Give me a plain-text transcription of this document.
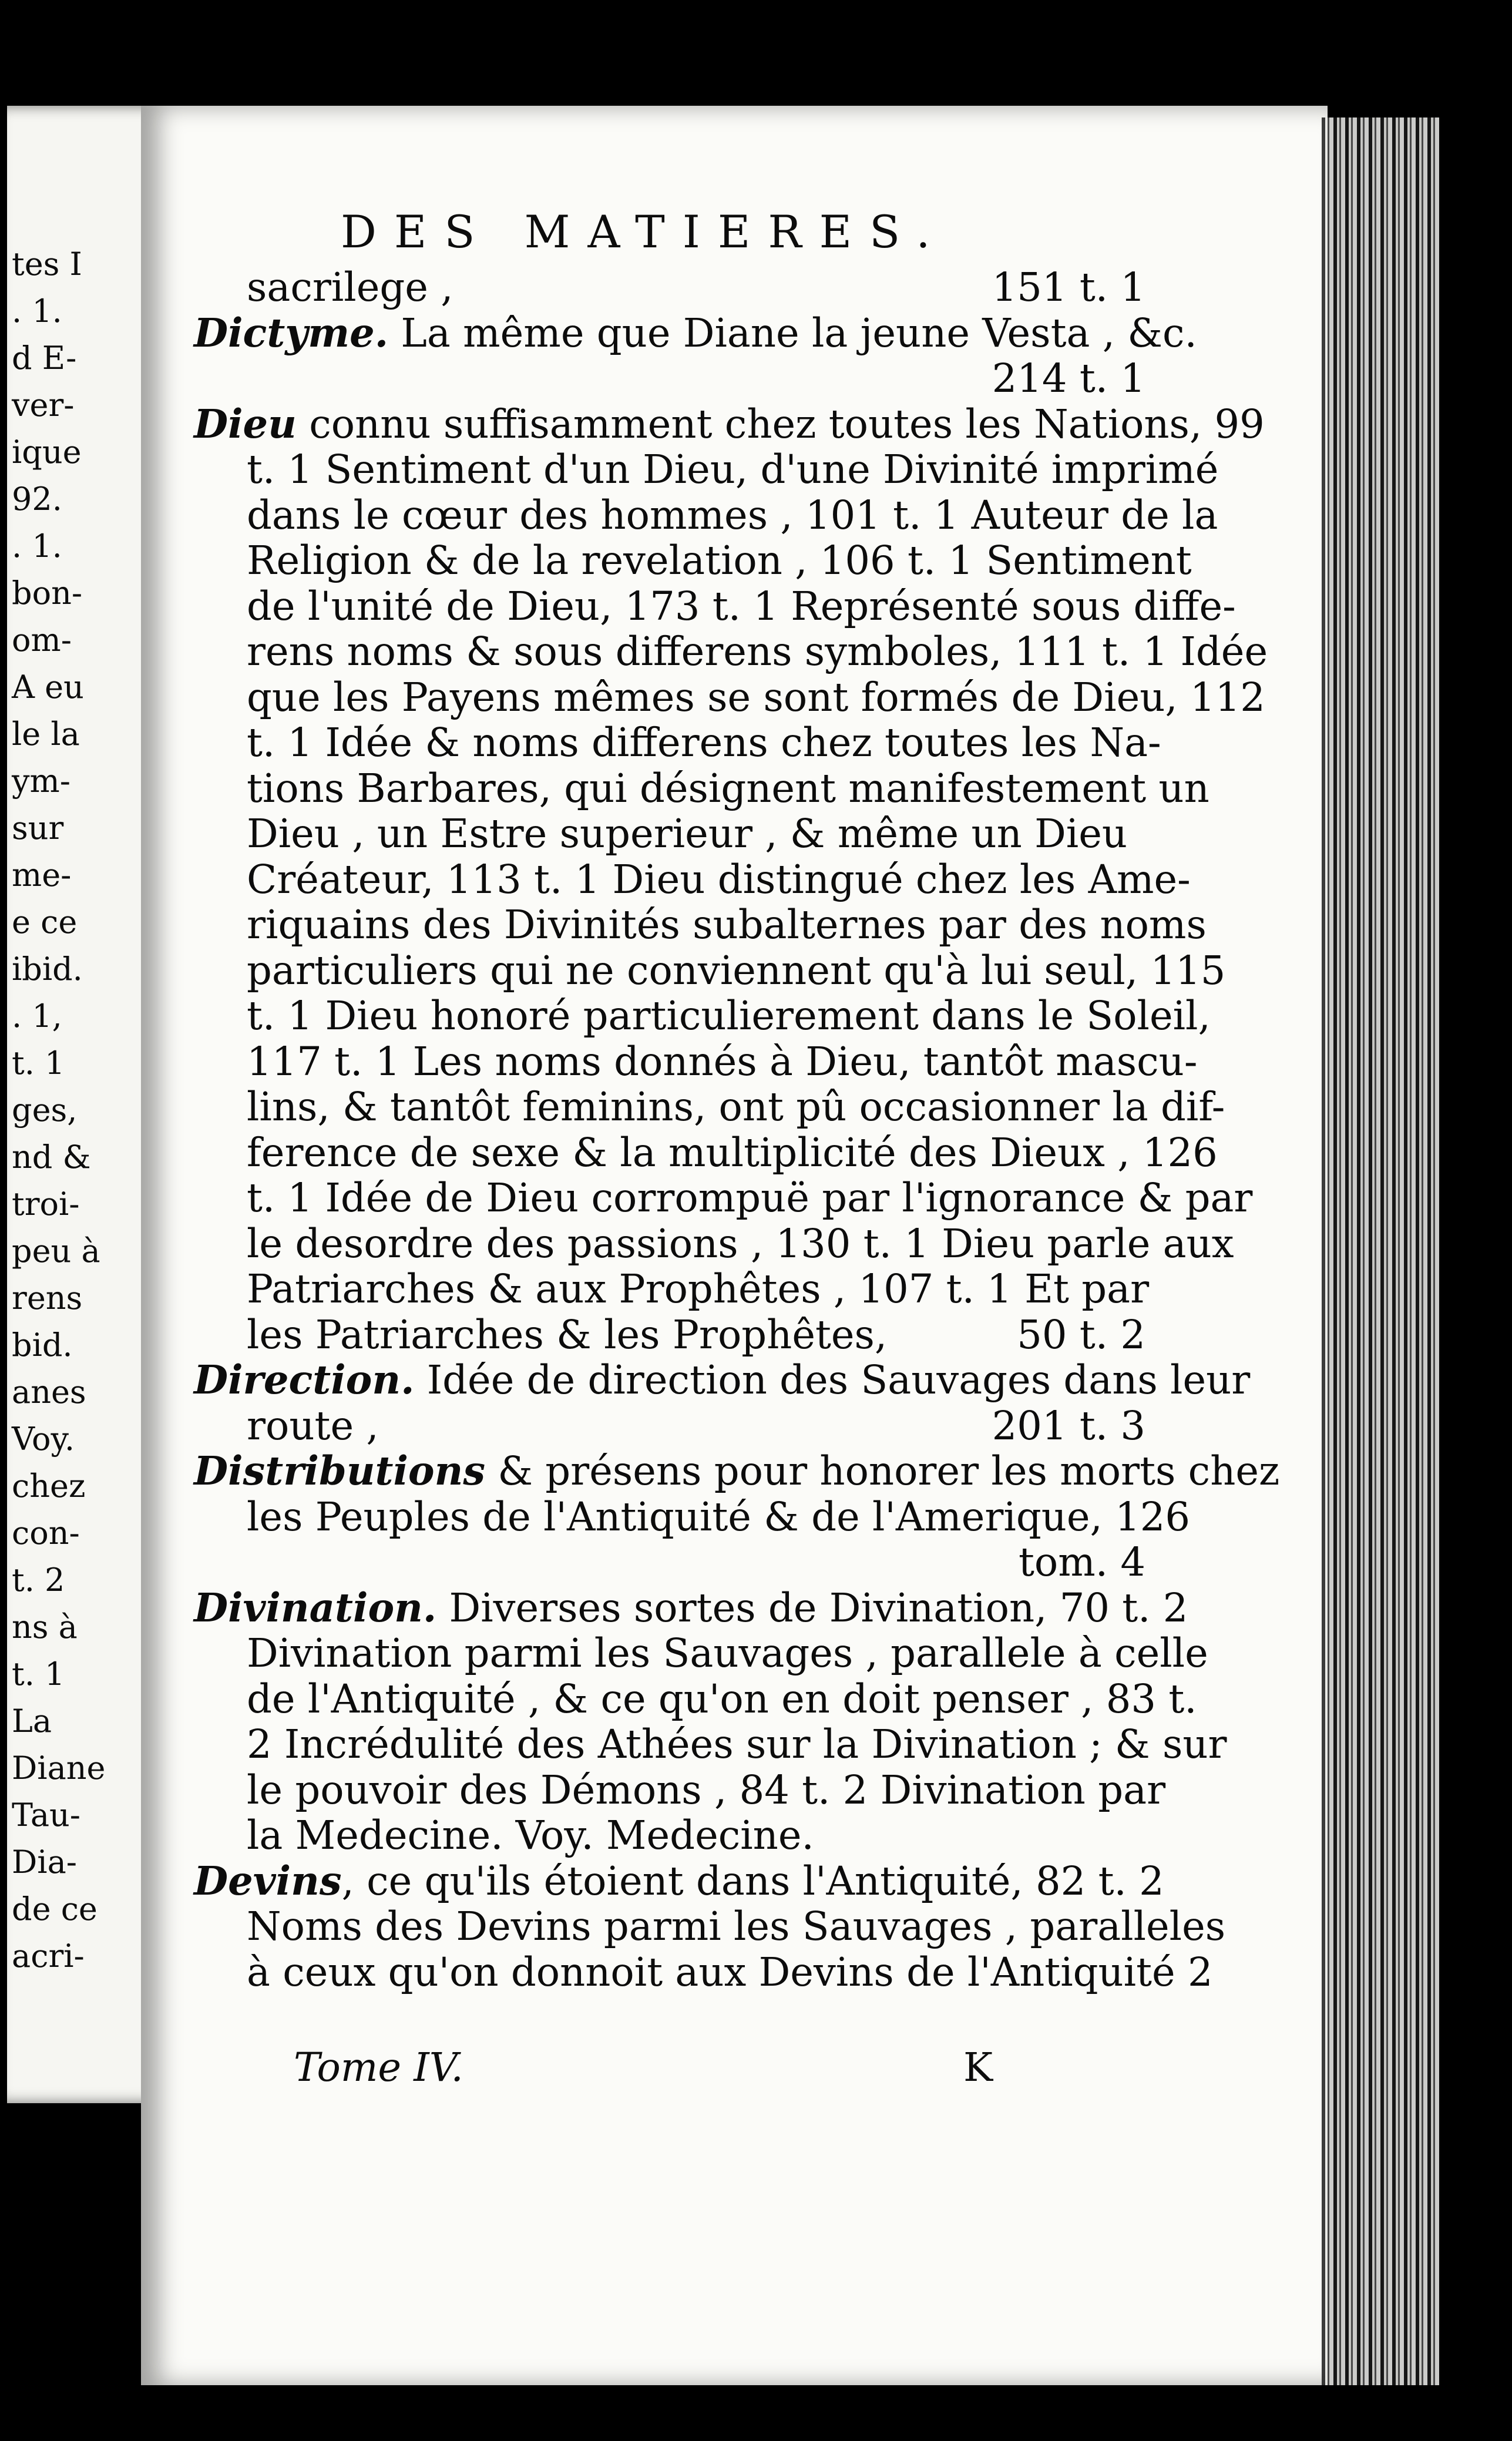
tes I
. 1.
d E-
ver-
ique
92.
. 1.
bon-
om-
A eu
le la
ym-
sur
me-
e ce
ibid.
. 1,
t. 1
ges,
nd &
troi-
peu à
rens
bid.
anes
Voy.
chez
con-
t. 2
ns à
t. 1
La
Diane
Tau-
Dia-
de ce
acri-
DES MATIERES.
sacrilege ,	151 t. 1
Dictyme. La même que Diane la jeune Vesta , &c.
214 t. 1
Dieu connu suffisamment chez toutes les Nations, 99
t. 1 Sentiment d'un Dieu, d'une Divinité imprimé
dans le cœur des hommes , 101 t. 1 Auteur de la
Religion & de la revelation , 106 t. 1 Sentiment
de l'unité de Dieu, 173 t. 1 Représenté sous diffe-
rens noms & sous differens symboles, 111 t. 1 Idée
que les Payens mêmes se sont formés de Dieu, 112
t. 1 Idée & noms differens chez toutes les Na-
tions Barbares, qui désignent manifestement un
Dieu , un Estre superieur , & même un Dieu
Créateur, 113 t. 1 Dieu distingué chez les Ame-
riquains des Divinités subalternes par des noms
particuliers qui ne conviennent qu'à lui seul, 115
t. 1 Dieu honoré particulierement dans le Soleil,
117 t. 1 Les noms donnés à Dieu, tantôt mascu-
lins, & tantôt feminins, ont pû occasionner la dif-
ference de sexe & la multiplicité des Dieux , 126
t. 1 Idée de Dieu corrompuë par l'ignorance & par
le desordre des passions , 130 t. 1 Dieu parle aux
Patriarches & aux Prophêtes , 107 t. 1 Et par
les Patriarches & les Prophêtes,	50 t. 2
Direction. Idée de direction des Sauvages dans leur
route ,	201 t. 3
Distributions & présens pour honorer les morts chez
les Peuples de l'Antiquité & de l'Amerique, 126
tom. 4
Divination. Diverses sortes de Divination, 70 t. 2
Divination parmi les Sauvages , parallele à celle
de l'Antiquité , & ce qu'on en doit penser , 83 t.
2 Incrédulité des Athées sur la Divination ; & sur
le pouvoir des Démons , 84 t. 2 Divination par
la Medecine. Voy. Medecine.
Devins, ce qu'ils étoient dans l'Antiquité, 82 t. 2
Noms des Devins parmi les Sauvages , paralleles
à ceux qu'on donnoit aux Devins de l'Antiquité 2
Tome IV.	K
